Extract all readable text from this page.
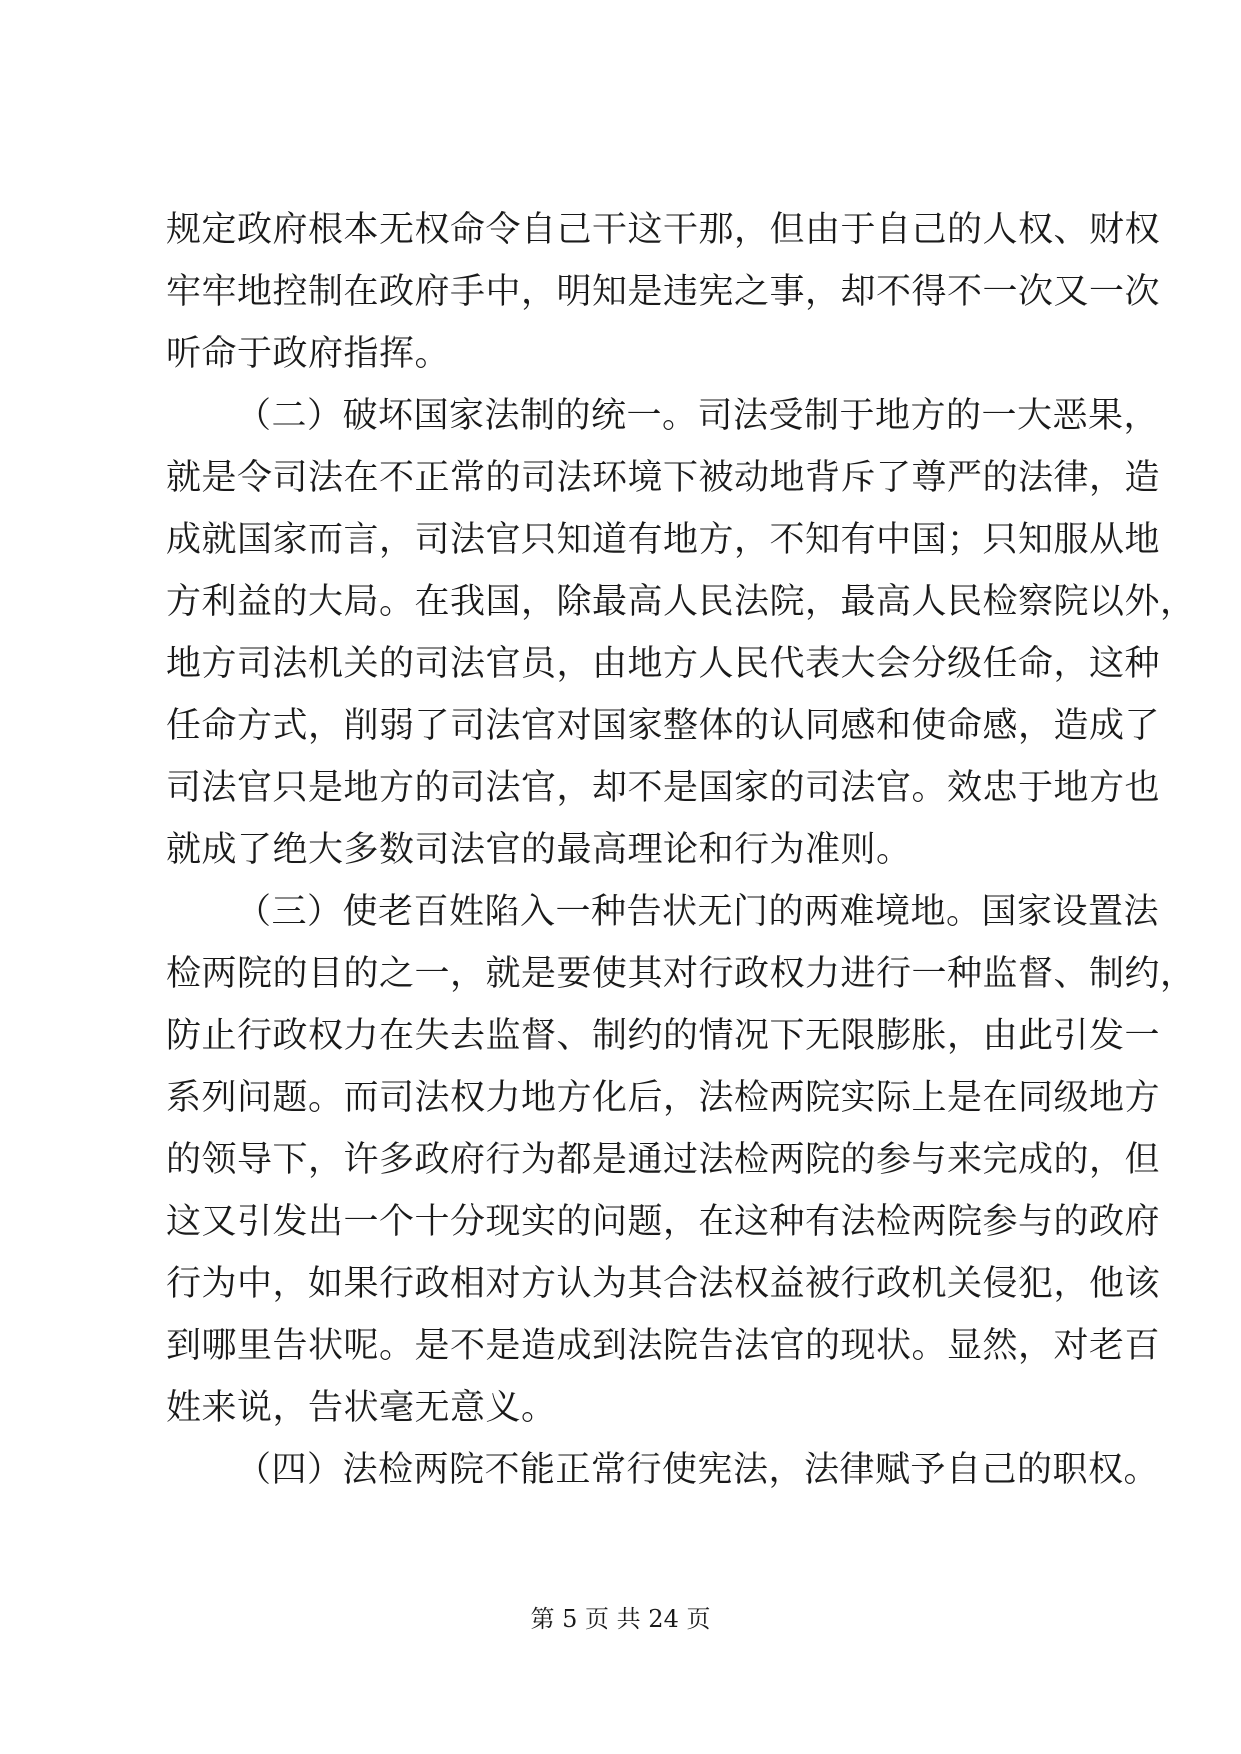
规定政府根本无权命令自己干这干那，但由于自己的人权、财权
牢牢地控制在政府手中，明知是违宪之事，却不得不一次又一次
听命于政府指挥。
（二）破坏国家法制的统一。司法受制于地方的一大恶果，
就是令司法在不正常的司法环境下被动地背斥了尊严的法律，造
成就国家而言，司法官只知道有地方，不知有中国；只知服从地
方利益的大局。在我国，除最高人民法院，最高人民检察院以外，
地方司法机关的司法官员，由地方人民代表大会分级任命，这种
任命方式，削弱了司法官对国家整体的认同感和使命感，造成了
司法官只是地方的司法官，却不是国家的司法官。效忠于地方也
就成了绝大多数司法官的最高理论和行为准则。
（三）使老百姓陷入一种告状无门的两难境地。国家设置法
检两院的目的之一，就是要使其对行政权力进行一种监督、制约，
防止行政权力在失去监督、制约的情况下无限膨胀，由此引发一
系列问题。而司法权力地方化后，法检两院实际上是在同级地方
的领导下，许多政府行为都是通过法检两院的参与来完成的，但
这又引发出一个十分现实的问题，在这种有法检两院参与的政府
行为中，如果行政相对方认为其合法权益被行政机关侵犯，他该
到哪里告状呢。是不是造成到法院告法官的现状。显然，对老百
姓来说，告状毫无意义。
（四）法检两院不能正常行使宪法，法律赋予自己的职权。
第 5 页 共 24 页
